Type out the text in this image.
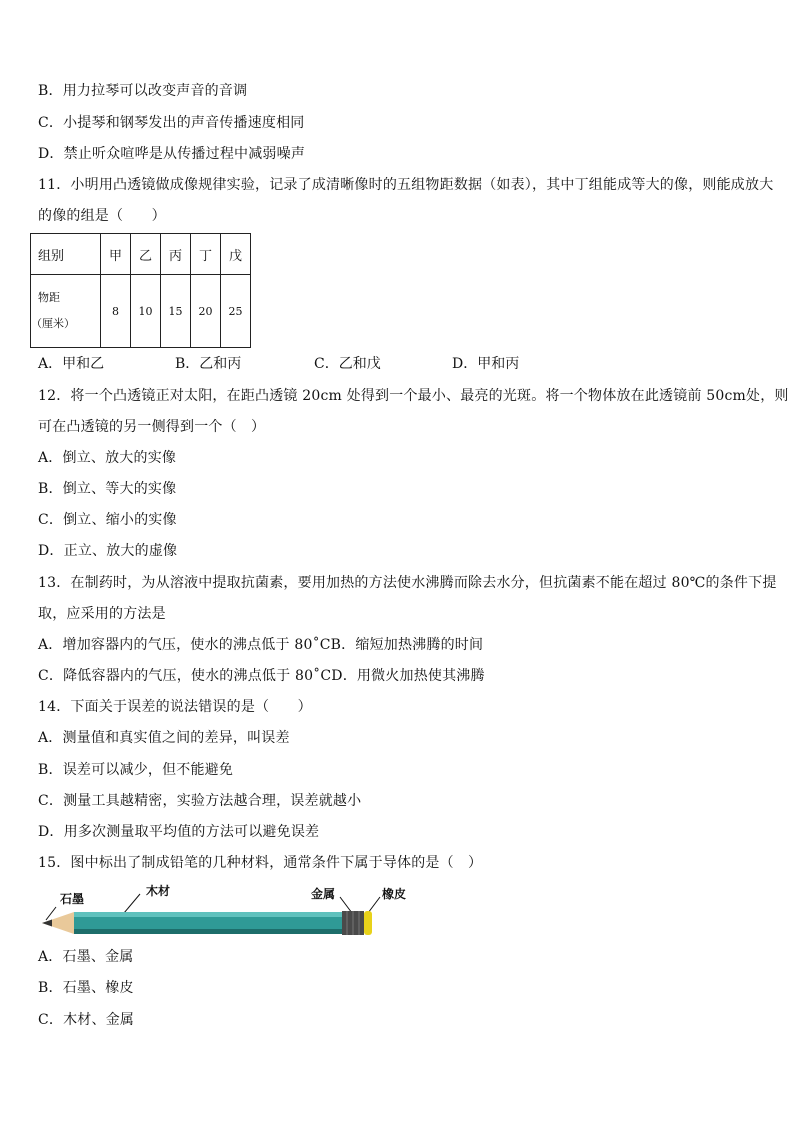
B．用力拉琴可以改变声音的音调
C．小提琴和钢琴发出的声音传播速度相同
D．禁止听众喧哗是从传播过程中减弱噪声
11．小明用凸透镜做成像规律实验，记录了成清晰像时的五组物距数据（如表），其中丁组能成等大的像，则能成放大
的像的组是（　　）
组别	甲	乙	丙	丁	戊

物距
（厘米）	8	10	15	20	25
A．甲和乙	B．乙和丙	C．乙和戊	D．甲和丙
12．将一个凸透镜正对太阳，在距凸透镜 20cm 处得到一个最小、最亮的光斑。将一个物体放在此透镜前 50cm处，则
可在凸透镜的另一侧得到一个（　）
A．倒立、放大的实像
B．倒立、等大的实像
C．倒立、缩小的实像
D．正立、放大的虚像
13．在制药时，为从溶液中提取抗菌素，要用加热的方法使水沸腾而除去水分，但抗菌素不能在超过 80℃的条件下提
取，应采用的方法是
A．增加容器内的气压，使水的沸点低于 80˚CB．缩短加热沸腾的时间
C．降低容器内的气压，使水的沸点低于 80˚CD．用微火加热使其沸腾
14．下面关于误差的说法错误的是（　　）
A．测量值和真实值之间的差异，叫误差
B．误差可以减少，但不能避免
C．测量工具越精密，实验方法越合理，误差就越小
D．用多次测量取平均值的方法可以避免误差
15．图中标出了制成铅笔的几种材料，通常条件下属于导体的是（　）
石墨
木材	金属	橡皮
A．石墨、金属
B．石墨、橡皮
C．木材、金属
